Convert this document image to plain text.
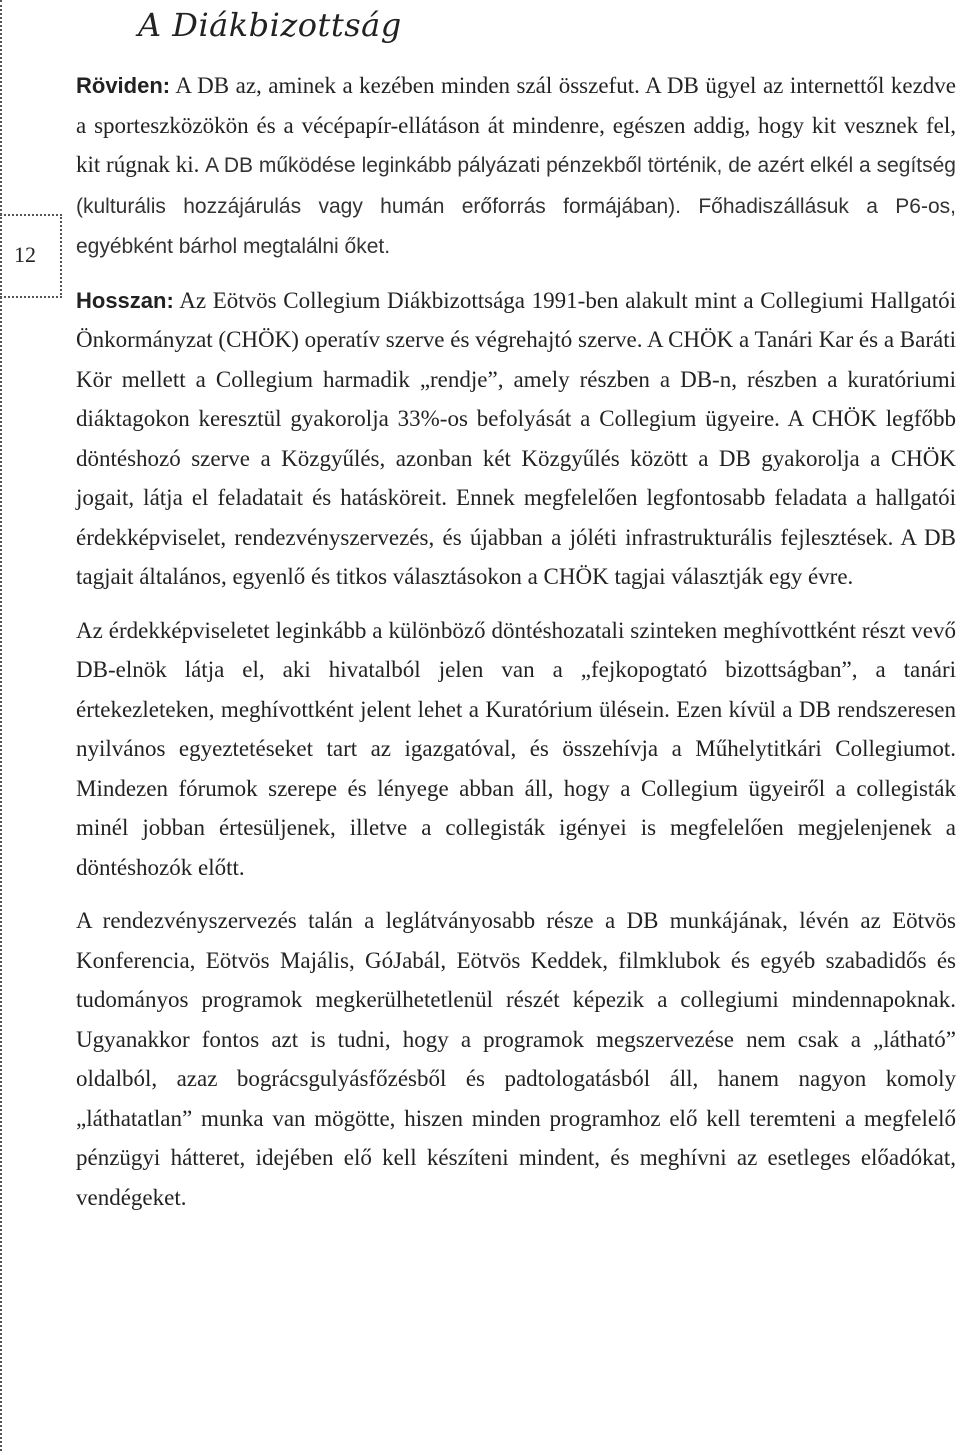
12
A Diákbizottság

Röviden: A DB az, aminek a kezében minden szál összefut. A DB ügyel az internettől kezdve a sporteszközökön és a vécépapír-ellátáson át mindenre, egészen addig, hogy kit vesznek fel, kit rúgnak ki. A DB működése leginkább pályázati pénzekből történik, de azért elkél a segítség (kulturális hozzájárulás vagy humán erőforrás formájában). Főhadiszállásuk a P6-os, egyébként bárhol megtalálni őket.

Hosszan: Az Eötvös Collegium Diákbizottsága 1991-ben alakult mint a Collegiumi Hallgatói Önkormányzat (CHÖK) operatív szerve és végrehajtó szerve. A CHÖK a Tanári Kar és a Baráti Kör mellett a Collegium harmadik „rendje”, amely részben a DB-n, részben a kuratóriumi diáktagokon keresztül gyakorolja 33%-os befolyását a Collegium ügyeire. A CHÖK legfőbb döntéshozó szerve a Közgyűlés, azonban két Közgyűlés között a DB gyakorolja a CHÖK jogait, látja el feladatait és hatásköreit. Ennek megfelelően legfontosabb feladata a hallgatói érdekképviselet, rendezvényszervezés, és újabban a jóléti infrastrukturális fejlesztések. A DB tagjait általános, egyenlő és titkos választásokon a CHÖK tagjai választják egy évre.

Az érdekképviseletet leginkább a különböző döntéshozatali szinteken meghívottként részt vevő DB-elnök látja el, aki hivatalból jelen van a „fejkopogtató bizottságban”, a tanári értekezleteken, meghívottként jelent lehet a Kuratórium ülésein. Ezen kívül a DB rendszeresen nyilvános egyeztetéseket tart az igazgatóval, és összehívja a Műhelytitkári Collegiumot. Mindezen fórumok szerepe és lényege abban áll, hogy a Collegium ügyeiről a collegisták minél jobban értesüljenek, illetve a collegisták igényei is megfelelően megjelenjenek a döntéshozók előtt.

A rendezvényszervezés talán a leglátványosabb része a DB munkájának, lévén az Eötvös Konferencia, Eötvös Majális, GóJabál, Eötvös Keddek, filmklubok és egyéb szabadidős és tudományos programok megkerülhetetlenül részét képezik a collegiumi mindennapoknak. Ugyanakkor fontos azt is tudni, hogy a programok megszervezése nem csak a „látható” oldalból, azaz bográcsgulyásfőzésből és padtologatásból áll, hanem nagyon komoly „láthatatlan” munka van mögötte, hiszen minden programhoz elő kell teremteni a megfelelő pénzügyi hátteret, idejében elő kell készíteni mindent, és meghívni az esetleges előadókat, vendégeket.
